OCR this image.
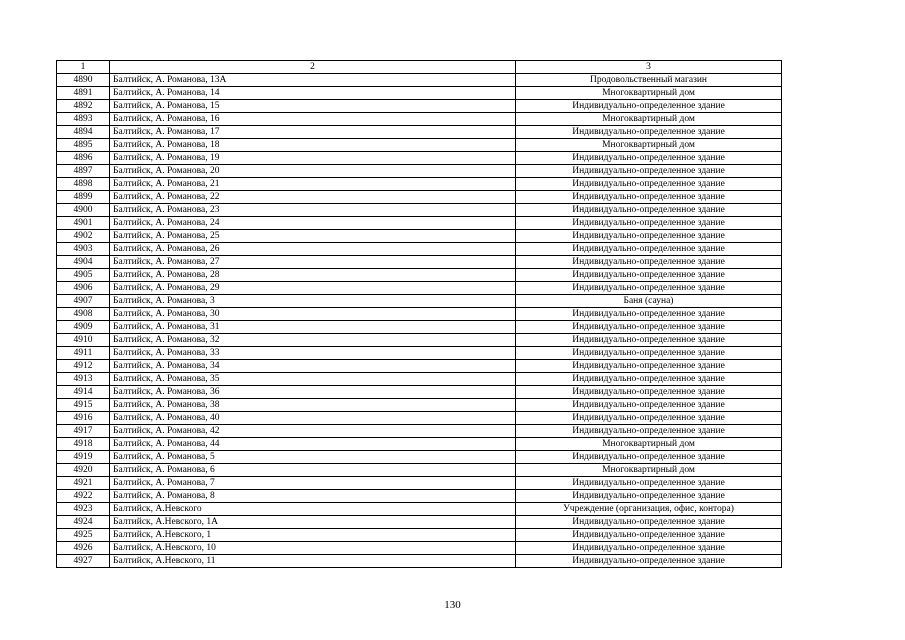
1	2	3
4890	Балтийск, А. Романова, 13А	Продовольственный магазин
4891	Балтийск, А. Романова, 14	Многоквартирный дом
4892	Балтийск, А. Романова, 15	Индивидуально-определенное здание
4893	Балтийск, А. Романова, 16	Многоквартирный дом
4894	Балтийск, А. Романова, 17	Индивидуально-определенное здание
4895	Балтийск, А. Романова, 18	Многоквартирный дом
4896	Балтийск, А. Романова, 19	Индивидуально-определенное здание
4897	Балтийск, А. Романова, 20	Индивидуально-определенное здание
4898	Балтийск, А. Романова, 21	Индивидуально-определенное здание
4899	Балтийск, А. Романова, 22	Индивидуально-определенное здание
4900	Балтийск, А. Романова, 23	Индивидуально-определенное здание
4901	Балтийск, А. Романова, 24	Индивидуально-определенное здание
4902	Балтийск, А. Романова, 25	Индивидуально-определенное здание
4903	Балтийск, А. Романова, 26	Индивидуально-определенное здание
4904	Балтийск, А. Романова, 27	Индивидуально-определенное здание
4905	Балтийск, А. Романова, 28	Индивидуально-определенное здание
4906	Балтийск, А. Романова, 29	Индивидуально-определенное здание
4907	Балтийск, А. Романова, 3	Баня (сауна)
4908	Балтийск, А. Романова, 30	Индивидуально-определенное здание
4909	Балтийск, А. Романова, 31	Индивидуально-определенное здание
4910	Балтийск, А. Романова, 32	Индивидуально-определенное здание
4911	Балтийск, А. Романова, 33	Индивидуально-определенное здание
4912	Балтийск, А. Романова, 34	Индивидуально-определенное здание
4913	Балтийск, А. Романова, 35	Индивидуально-определенное здание
4914	Балтийск, А. Романова, 36	Индивидуально-определенное здание
4915	Балтийск, А. Романова, 38	Индивидуально-определенное здание
4916	Балтийск, А. Романова, 40	Индивидуально-определенное здание
4917	Балтийск, А. Романова, 42	Индивидуально-определенное здание
4918	Балтийск, А. Романова, 44	Многоквартирный дом
4919	Балтийск, А. Романова, 5	Индивидуально-определенное здание
4920	Балтийск, А. Романова, 6	Многоквартирный дом
4921	Балтийск, А. Романова, 7	Индивидуально-определенное здание
4922	Балтийск, А. Романова, 8	Индивидуально-определенное здание
4923	Балтийск, А.Невского	Учреждение (организация, офис, контора)
4924	Балтийск, А.Невского, 1А	Индивидуально-определенное здание
4925	Балтийск, А.Невского, 1	Индивидуально-определенное здание
4926	Балтийск, А.Невского, 10	Индивидуально-определенное здание
4927	Балтийск, А.Невского, 11	Индивидуально-определенное здание
130
